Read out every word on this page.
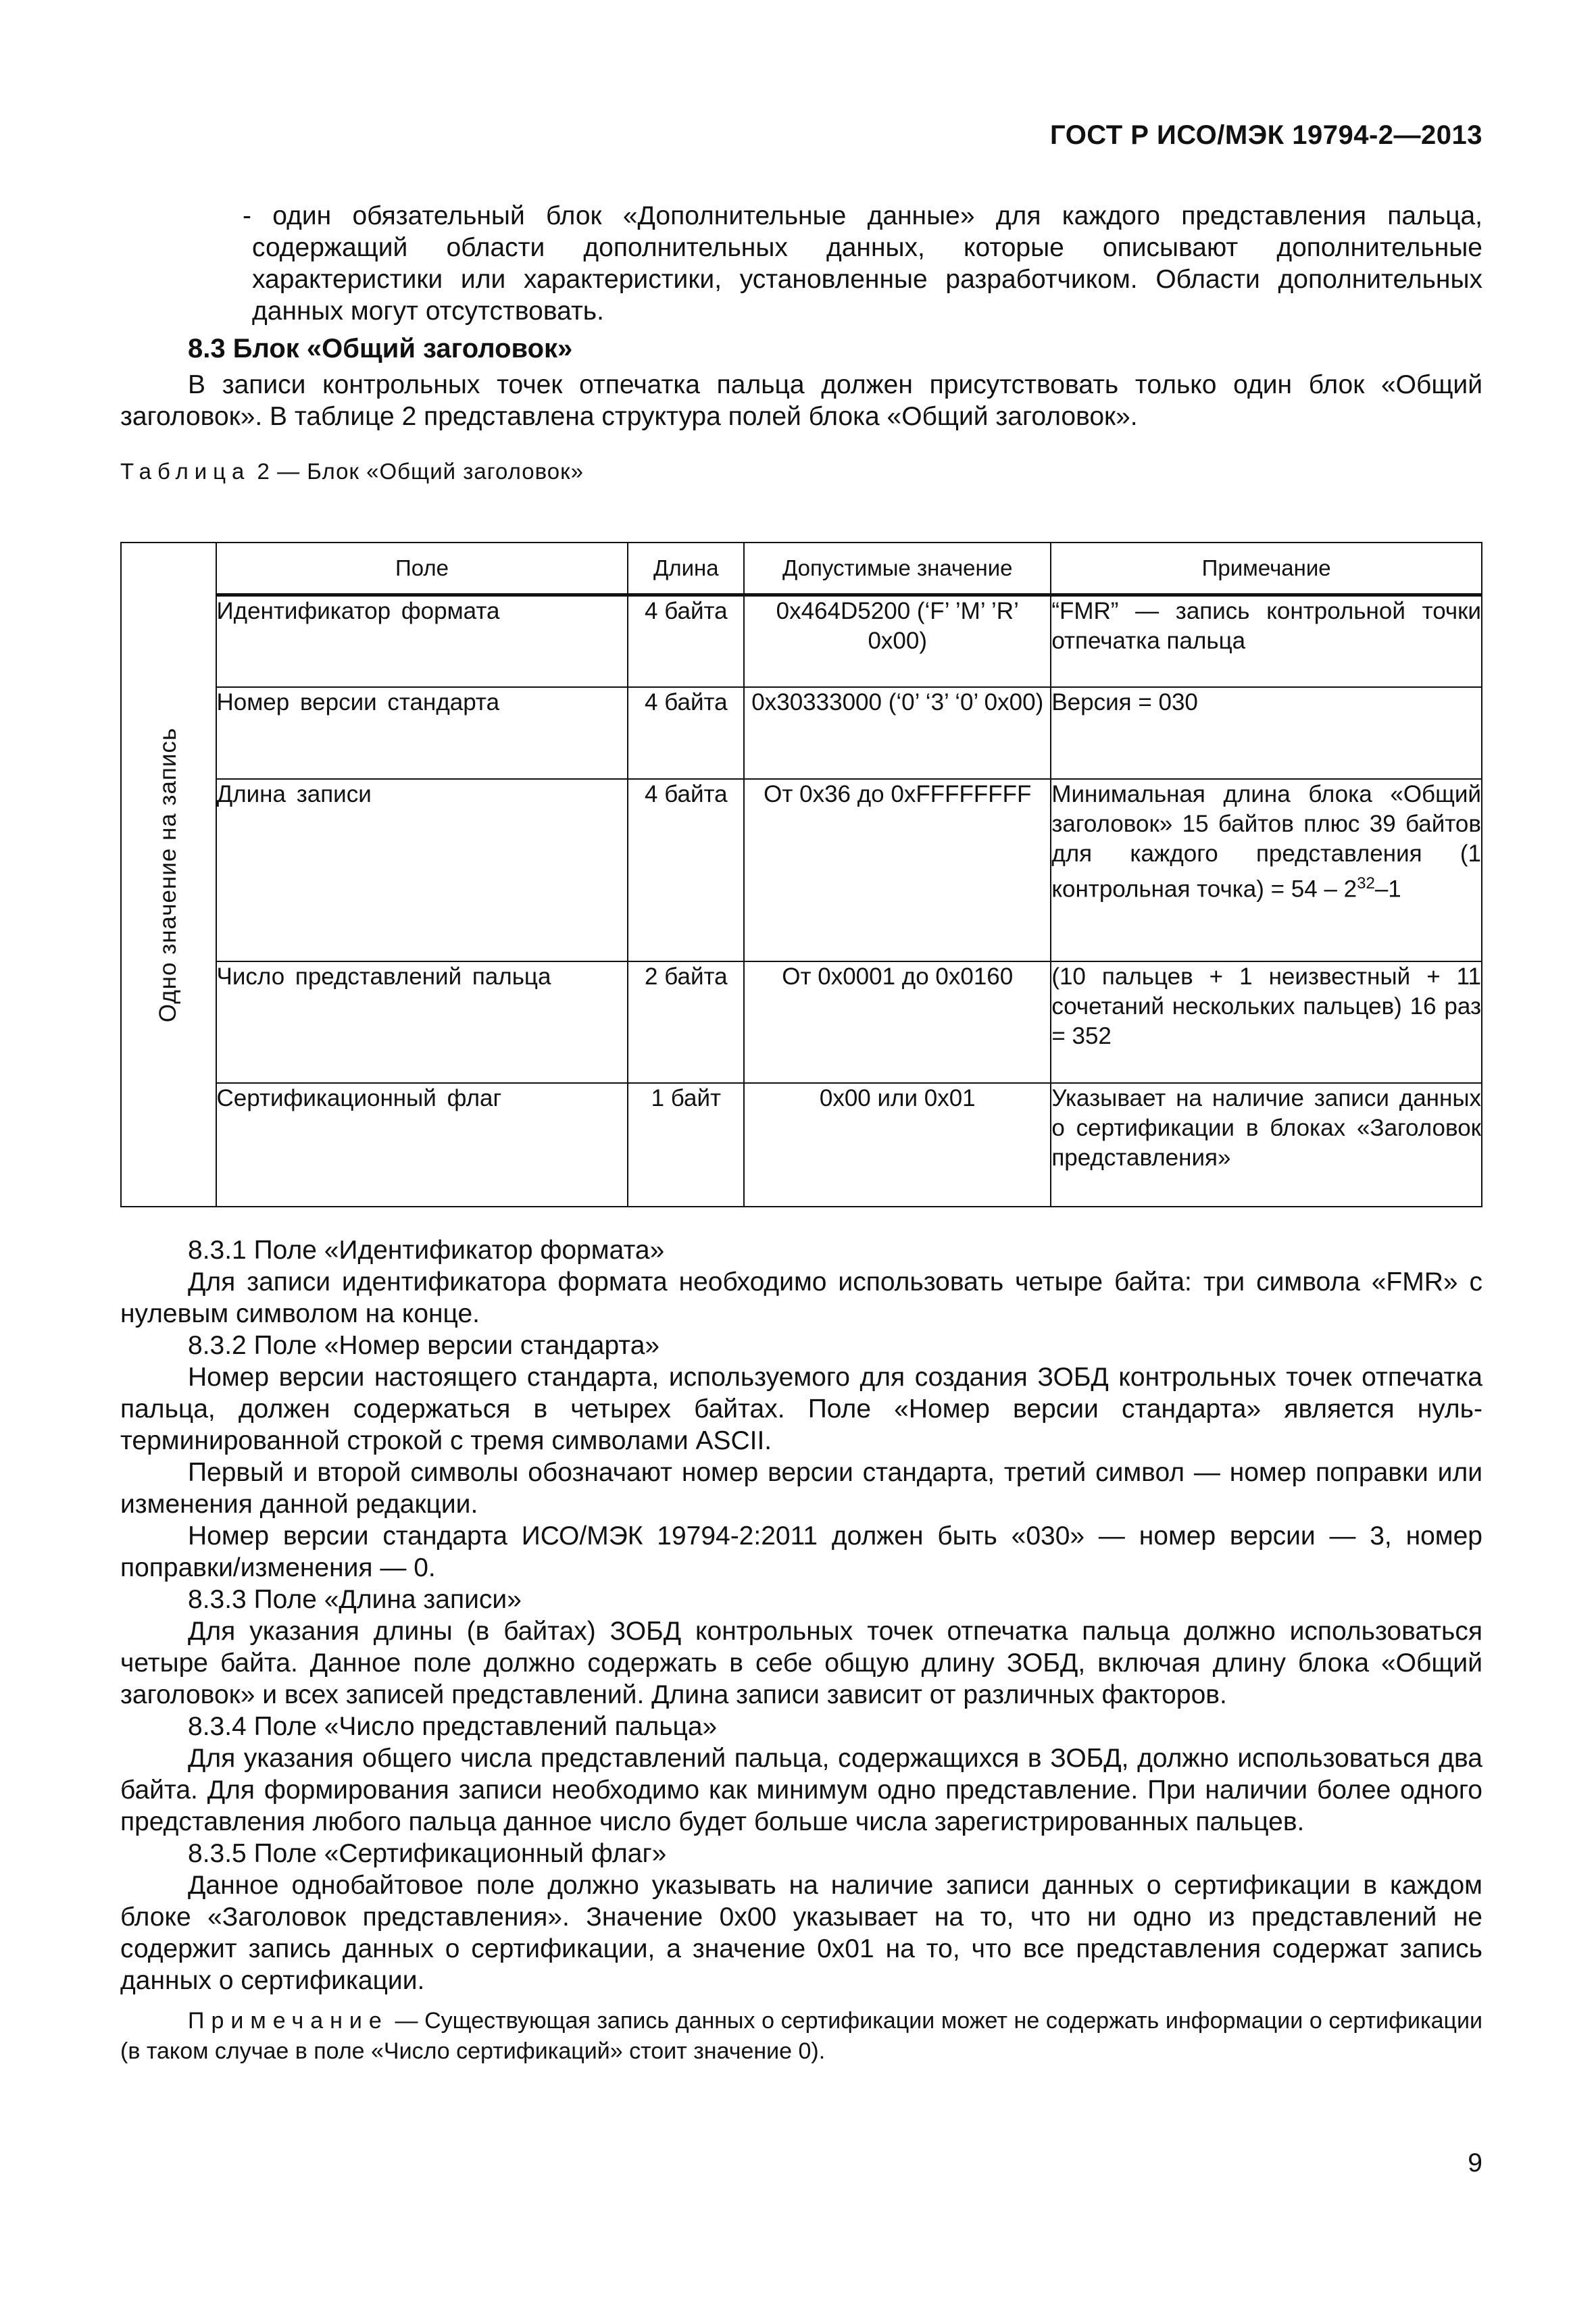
ГОСТ Р ИСО/МЭК 19794-2—2013

- один обязательный блок «Дополнительные данные» для каждого представления пальца, содержащий области дополнительных данных, которые описывают дополнительные характеристики или характеристики, установленные разработчиком. Области дополнительных данных могут отсутствовать.

8.3 Блок «Общий заголовок»

В записи контрольных точек отпечатка пальца должен присутствовать только один блок «Общий заголовок». В таблице 2 представлена структура полей блока «Общий заголовок».

Таблица 2 — Блок «Общий заголовок»

Одно значение на запись	Поле	Длина	Допустимые значение	Примечание
	Идентификатор формата	4 байта	0x464D5200 (‘F’ ’M’ ’R’ 0x00)	“FMR” — запись контрольной точки отпечатка пальца
	Номер версии стандарта	4 байта	0x30333000 (‘0’ ‘3’ ‘0’ 0x00)	Версия = 030
	Длина записи	4 байта	От 0x36 до 0xFFFFFFFF	Минимальная длина блока «Общий заголовок» 15 байтов плюс 39 байтов для каждого представления (1 контрольная точка) = $54 - 2^{32}-1$
	Число представлений пальца	2 байта	От 0x0001 до 0x0160	(10 пальцев + 1 неизвестный + 11 сочетаний нескольких пальцев) 16 раз = 352
	Сертификационный флаг	1 байт	0x00 или 0x01	Указывает на наличие записи данных о сертификации в блоках «Заголовок представления»

8.3.1 Поле «Идентификатор формата»

Для записи идентификатора формата необходимо использовать четыре байта: три символа «FMR» с нулевым символом на конце.

8.3.2 Поле «Номер версии стандарта»

Номер версии настоящего стандарта, используемого для создания ЗОБД контрольных точек отпечатка пальца, должен содержаться в четырех байтах. Поле «Номер версии стандарта» является нуль-терминированной строкой с тремя символами ASCII.

Первый и второй символы обозначают номер версии стандарта, третий символ — номер поправки или изменения данной редакции.

Номер версии стандарта ИСО/МЭК 19794-2:2011 должен быть «030» — номер версии — 3, номер поправки/изменения — 0.

8.3.3 Поле «Длина записи»

Для указания длины (в байтах) ЗОБД контрольных точек отпечатка пальца должно использоваться четыре байта. Данное поле должно содержать в себе общую длину ЗОБД, включая длину блока «Общий заголовок» и всех записей представлений. Длина записи зависит от различных факторов.

8.3.4 Поле «Число представлений пальца»

Для указания общего числа представлений пальца, содержащихся в ЗОБД, должно использоваться два байта. Для формирования записи необходимо как минимум одно представление. При наличии более одного представления любого пальца данное число будет больше числа зарегистрированных пальцев.

8.3.5 Поле «Сертификационный флаг»

Данное однобайтовое поле должно указывать на наличие записи данных о сертификации в каждом блоке «Заголовок представления». Значение 0x00 указывает на то, что ни одно из представлений не содержит запись данных о сертификации, а значение 0x01 на то, что все представления содержат запись данных о сертификации.

Примечание — Существующая запись данных о сертификации может не содержать информации о сертификации (в таком случае в поле «Число сертификаций» стоит значение 0).

9
